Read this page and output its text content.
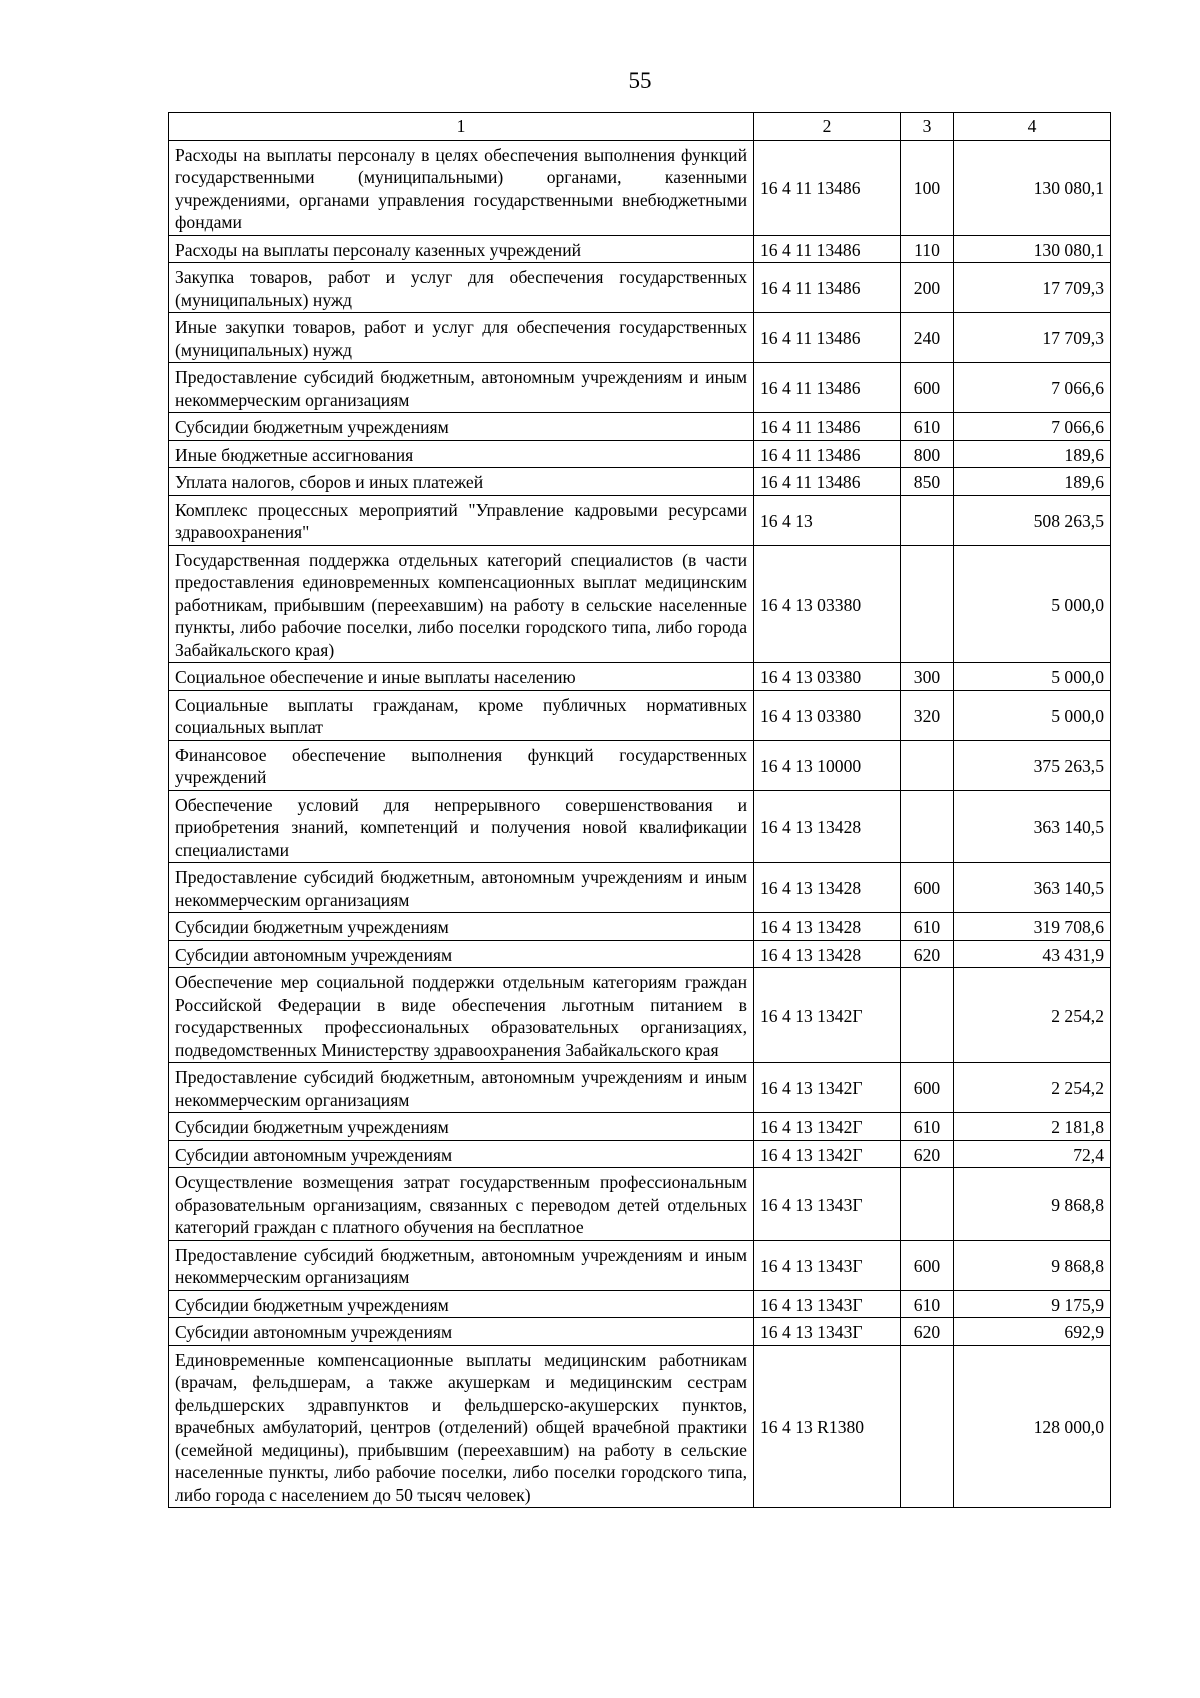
55
1	2	3	4
Расходы на выплаты персоналу в целях обеспечения выполнения функций государственными (муниципальными) органами, казенными учреждениями, органами управления государственными внебюджетными фондами	16 4 11 13486	100	130 080,1
Расходы на выплаты персоналу казенных учреждений	16 4 11 13486	110	130 080,1
Закупка товаров, работ и услуг для обеспечения государственных (муниципальных) нужд	16 4 11 13486	200	17 709,3
Иные закупки товаров, работ и услуг для обеспечения государственных (муниципальных) нужд	16 4 11 13486	240	17 709,3
Предоставление субсидий бюджетным, автономным учреждениям и иным некоммерческим организациям	16 4 11 13486	600	7 066,6
Субсидии бюджетным учреждениям	16 4 11 13486	610	7 066,6
Иные бюджетные ассигнования	16 4 11 13486	800	189,6
Уплата налогов, сборов и иных платежей	16 4 11 13486	850	189,6
Комплекс процессных мероприятий "Управление кадровыми ресурсами здравоохранения"	16 4 13		508 263,5
Государственная поддержка отдельных категорий специалистов (в части предоставления единовременных компенсационных выплат медицинским работникам, прибывшим (переехавшим) на работу в сельские населенные пункты, либо рабочие поселки, либо поселки городского типа, либо города Забайкальского края)	16 4 13 03380		5 000,0
Социальное обеспечение и иные выплаты населению	16 4 13 03380	300	5 000,0
Социальные выплаты гражданам, кроме публичных нормативных социальных выплат	16 4 13 03380	320	5 000,0
Финансовое обеспечение выполнения функций государственных учреждений	16 4 13 10000		375 263,5
Обеспечение условий для непрерывного совершенствования и приобретения знаний, компетенций и получения новой квалификации специалистами	16 4 13 13428		363 140,5
Предоставление субсидий бюджетным, автономным учреждениям и иным некоммерческим организациям	16 4 13 13428	600	363 140,5
Субсидии бюджетным учреждениям	16 4 13 13428	610	319 708,6
Субсидии автономным учреждениям	16 4 13 13428	620	43 431,9
Обеспечение мер социальной поддержки отдельным категориям граждан Российской Федерации в виде обеспечения льготным питанием в государственных профессиональных образовательных организациях, подведомственных Министерству здравоохранения Забайкальского края	16 4 13 1342Г		2 254,2
Предоставление субсидий бюджетным, автономным учреждениям и иным некоммерческим организациям	16 4 13 1342Г	600	2 254,2
Субсидии бюджетным учреждениям	16 4 13 1342Г	610	2 181,8
Субсидии автономным учреждениям	16 4 13 1342Г	620	72,4
Осуществление возмещения затрат государственным профессиональным образовательным организациям, связанных с переводом детей отдельных категорий граждан с платного обучения на бесплатное	16 4 13 1343Г		9 868,8
Предоставление субсидий бюджетным, автономным учреждениям и иным некоммерческим организациям	16 4 13 1343Г	600	9 868,8
Субсидии бюджетным учреждениям	16 4 13 1343Г	610	9 175,9
Субсидии автономным учреждениям	16 4 13 1343Г	620	692,9
Единовременные компенсационные выплаты медицинским работникам (врачам, фельдшерам, а также акушеркам и медицинским сестрам фельдшерских здравпунктов и фельдшерско-акушерских пунктов, врачебных амбулаторий, центров (отделений) общей врачебной практики (семейной медицины), прибывшим (переехавшим) на работу в сельские населенные пункты, либо рабочие поселки, либо поселки городского типа, либо города с населением до 50 тысяч человек)	16 4 13 R1380		128 000,0
